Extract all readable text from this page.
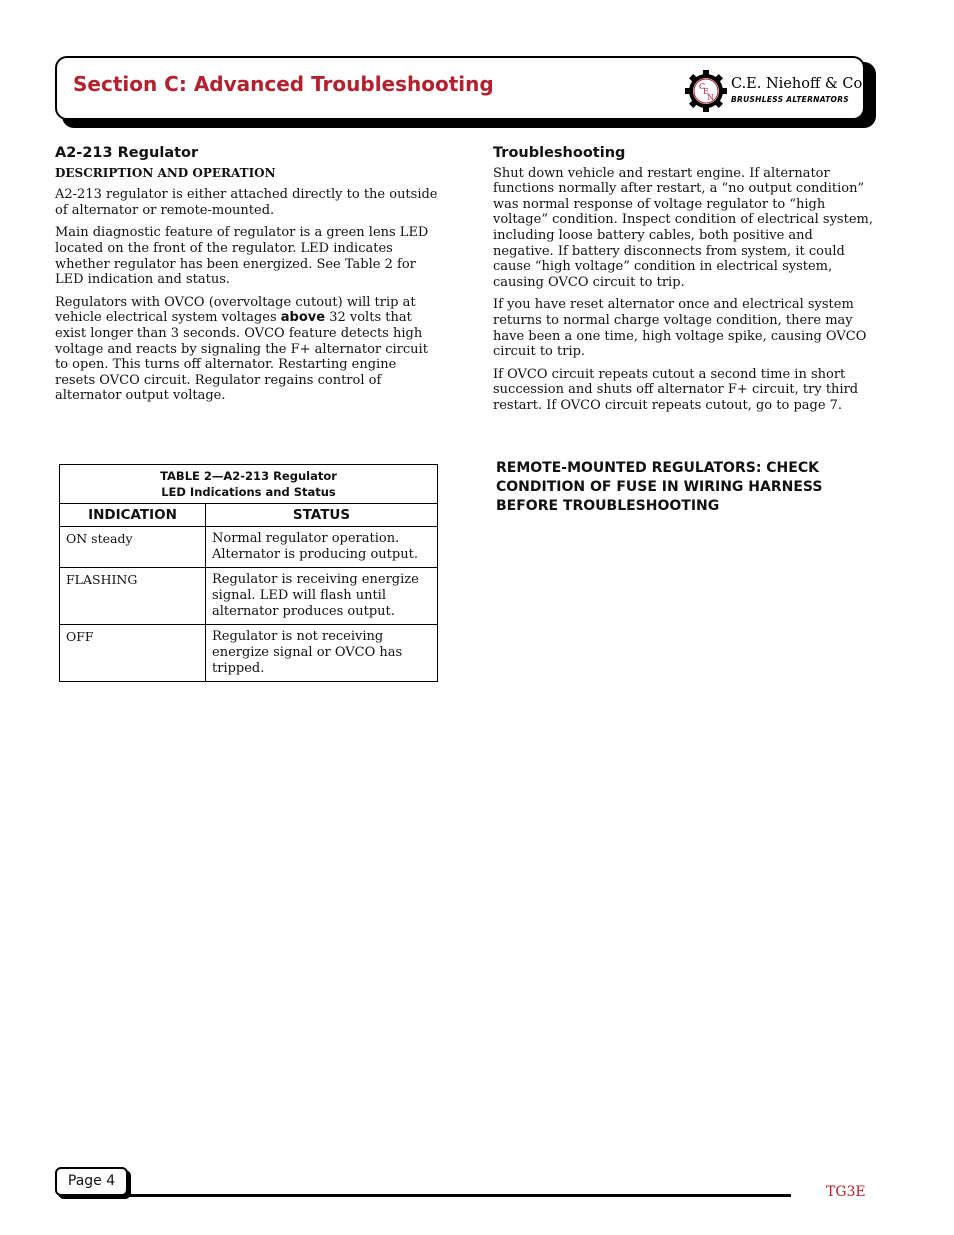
Section C: Advanced Troubleshooting	C
E
N
C.E. Niehoff & Co.
BRUSHLESS ALTERNATORS
A2-213 Regulator
DESCRIPTION AND OPERATION

A2-213 regulator is either attached directly to the outside of alternator or remote-mounted.

Main diagnostic feature of regulator is a green lens LED located on the front of the regulator. LED indicates whether regulator has been energized. See Table 2 for LED indication and status.

Regulators with OVCO (overvoltage cutout) will trip at vehicle electrical system voltages above 32 volts that exist longer than 3 seconds. OVCO feature detects high voltage and reacts by signaling the F+ alternator circuit to open. This turns off alternator. Restarting engine resets OVCO circuit. Regulator regains control of alternator output voltage.

TABLE 2—A2-213 Regulator
LED Indications and Status	

INDICATION	STATUS
ON steady	Normal regulator operation. Alternator is producing output.
FLASHING	Regulator is receiving energize signal. LED will flash until alternator produces output.
OFF	Regulator is not receiving energize signal or OVCO has tripped.
Troubleshooting

Shut down vehicle and restart engine. If alternator functions normally after restart, a “no output condition” was normal response of voltage regulator to “high voltage” condition. Inspect condition of electrical system, including loose battery cables, both positive and negative. If battery disconnects from system, it could cause “high voltage” condition in electrical system, causing OVCO circuit to trip.

If you have reset alternator once and electrical system returns to normal charge voltage condition, there may have been a one time, high voltage spike, causing OVCO circuit to trip.

If OVCO circuit repeats cutout a second time in short succession and shuts off alternator F+ circuit, try third restart. If OVCO circuit repeats cutout, go to page 7.

REMOTE-MOUNTED REGULATORS: CHECK CONDITION OF FUSE IN WIRING HARNESS BEFORE TROUBLESHOOTING
Page 4
TG3E
